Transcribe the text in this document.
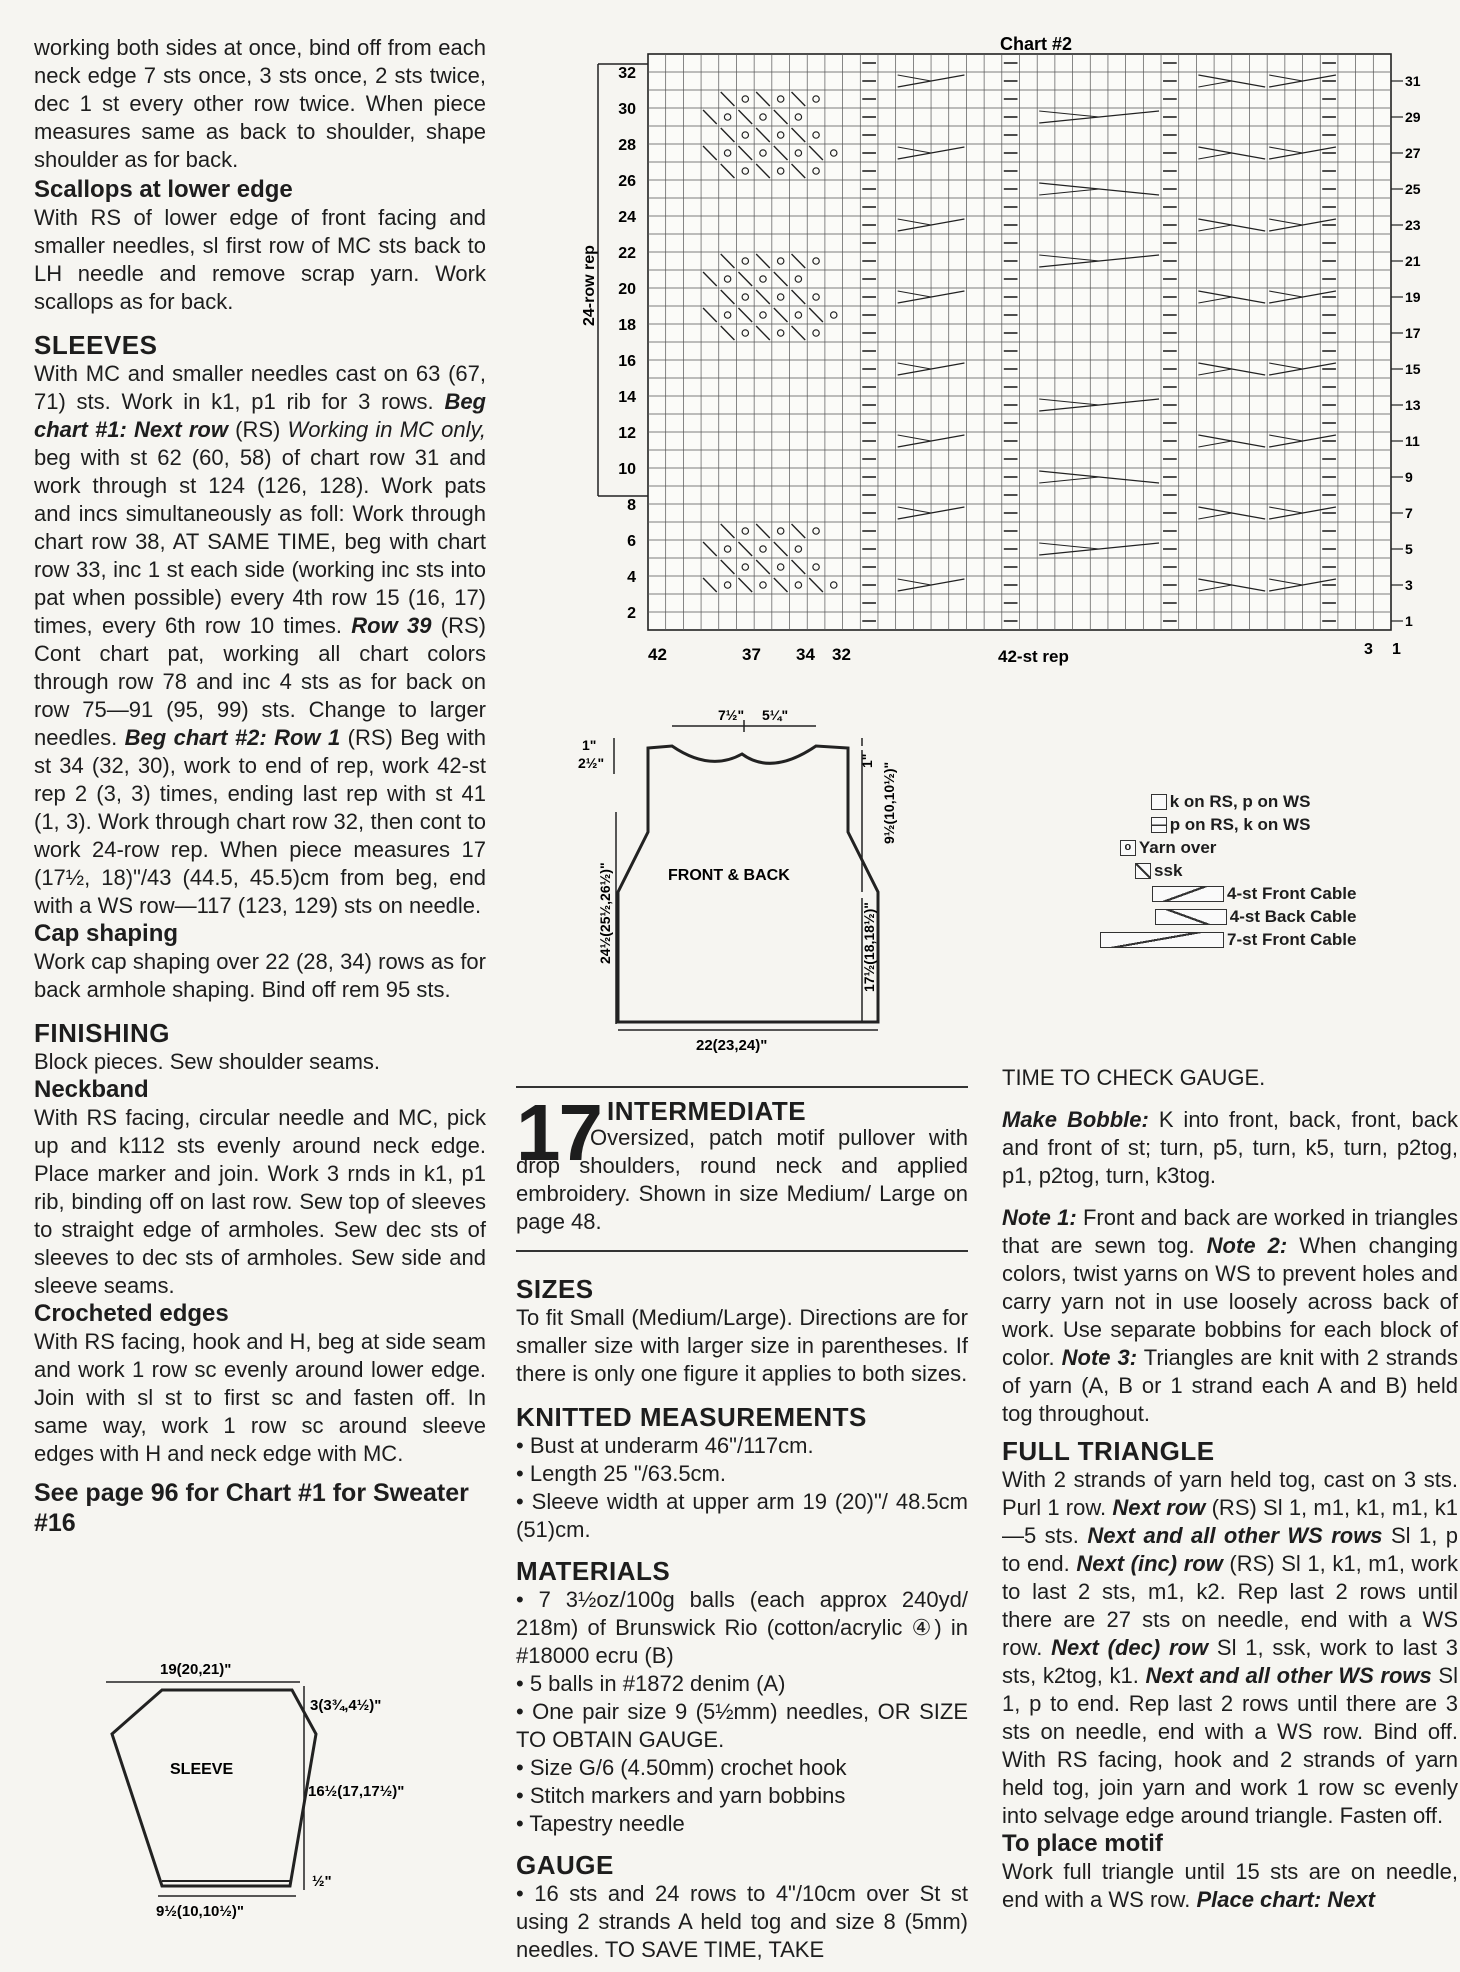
working both sides at once, bind off from each neck edge 7 sts once, 3 sts once, 2 sts twice, dec 1 st every other row twice. When piece measures same as back to shoulder, shape shoulder as for back.

Scallops at lower edge

With RS of lower edge of front facing and smaller needles, sl first row of MC sts back to LH needle and remove scrap yarn. Work scallops as for back.

SLEEVES

With MC and smaller needles cast on 63 (67, 71) sts. Work in k1, p1 rib for 3 rows. Beg chart #1: Next row (RS) Working in MC only, beg with st 62 (60, 58) of chart row 31 and work through st 124 (126, 128). Work pats and incs simultaneously as foll: Work through chart row 38, AT SAME TIME, beg with chart row 33, inc 1 st each side (working inc sts into pat when possible) every 4th row 15 (16, 17) times, every 6th row 10 times. Row 39 (RS) Cont chart pat, working all chart colors through row 78 and inc 4 sts as for back on row 75—91 (95, 99) sts. Change to larger needles. Beg chart #2: Row 1 (RS) Beg with st 34 (32, 30), work to end of rep, work 42-st rep 2 (3, 3) times, ending last rep with st 41 (1, 3). Work through chart row 32, then cont to work 24-row rep. When piece measures 17 (17½, 18)"/43 (44.5, 45.5)cm from beg, end with a WS row—117 (123, 129) sts on needle.

Cap shaping

Work cap shaping over 22 (28, 34) rows as for back armhole shaping. Bind off rem 95 sts.

FINISHING

Block pieces. Sew shoulder seams.

Neckband

With RS facing, circular needle and MC, pick up and k112 sts evenly around neck edge. Place marker and join. Work 3 rnds in k1, p1 rib, binding off on last row. Sew top of sleeves to straight edge of armholes. Sew dec sts of sleeves to dec sts of armholes. Sew side and sleeve seams.

Crocheted edges

With RS facing, hook and H, beg at side seam and work 1 row sc evenly around lower edge. Join with sl st to first sc and fasten off. In same way, work 1 row sc around sleeve edges with H and neck edge with MC.

See page 96 for Chart #1 for Sweater #16
19(20,21)"
SLEEVE
3(3¾,4½)"
16½(17,17½)"
½"
9½(10,10½)"
Chart #2
24-row rep
32
30
28
26
24
22
20
18
16
14
12
10
8
6
4
2
31
29
27
25
23
21
19
17
15
13
11
9
7
5
3
1
42	37 34 32	42-st rep	3 1
k on RS, p on WS
p on RS, k on WS
o Yarn over
ssk
4-st Front Cable
4-st Back Cable
7-st Front Cable
7½" 5¼"
1"
2½"
24½(25½,26½)"	FRONT & BACK
1"
9½(10,10½)"
17½(18,18½)"
22(23,24)"
17 INTERMEDIATE

Oversized, patch motif pullover with drop shoulders, round neck and applied embroidery. Shown in size Medium/ Large on page 48.

SIZES

To fit Small (Medium/Large). Directions are for smaller size with larger size in parentheses. If there is only one figure it applies to both sizes.

KNITTED MEASUREMENTS
• Bust at underarm 46"/117cm.
• Length 25 "/63.5cm.
• Sleeve width at upper arm 19 (20)"/ 48.5cm (51)cm.
MATERIALS
• 7 3½oz/100g balls (each approx 240yd/ 218m) of Brunswick Rio (cotton/acrylic ④) in #18000 ecru (B)
• 5 balls in #1872 denim (A)
• One pair size 9 (5½mm) needles, OR SIZE TO OBTAIN GAUGE.
• Size G/6 (4.50mm) crochet hook
• Stitch markers and yarn bobbins
• Tapestry needle
GAUGE
• 16 sts and 24 rows to 4"/10cm over St st using 2 strands A held tog and size 8 (5mm) needles. TO SAVE TIME, TAKE

TIME TO CHECK GAUGE.

Make Bobble: K into front, back, front, back and front of st; turn, p5, turn, k5, turn, p2tog, p1, p2tog, turn, k3tog.

Note 1: Front and back are worked in triangles that are sewn tog. Note 2: When changing colors, twist yarns on WS to prevent holes and carry yarn not in use loosely across back of work. Use separate bobbins for each block of color. Note 3: Triangles are knit with 2 strands of yarn (A, B or 1 strand each A and B) held tog throughout.

FULL TRIANGLE

With 2 strands of yarn held tog, cast on 3 sts. Purl 1 row. Next row (RS) Sl 1, m1, k1, m1, k1—5 sts. Next and all other WS rows Sl 1, p to end. Next (inc) row (RS) Sl 1, k1, m1, work to last 2 sts, m1, k2. Rep last 2 rows until there are 27 sts on needle, end with a WS row. Next (dec) row Sl 1, ssk, work to last 3 sts, k2tog, k1. Next and all other WS rows Sl 1, p to end. Rep last 2 rows until there are 3 sts on needle, end with a WS row. Bind off. With RS facing, hook and 2 strands of yarn held tog, join yarn and work 1 row sc evenly into selvage edge around triangle. Fasten off.

To place motif

Work full triangle until 15 sts are on needle, end with a WS row. Place chart: Next
